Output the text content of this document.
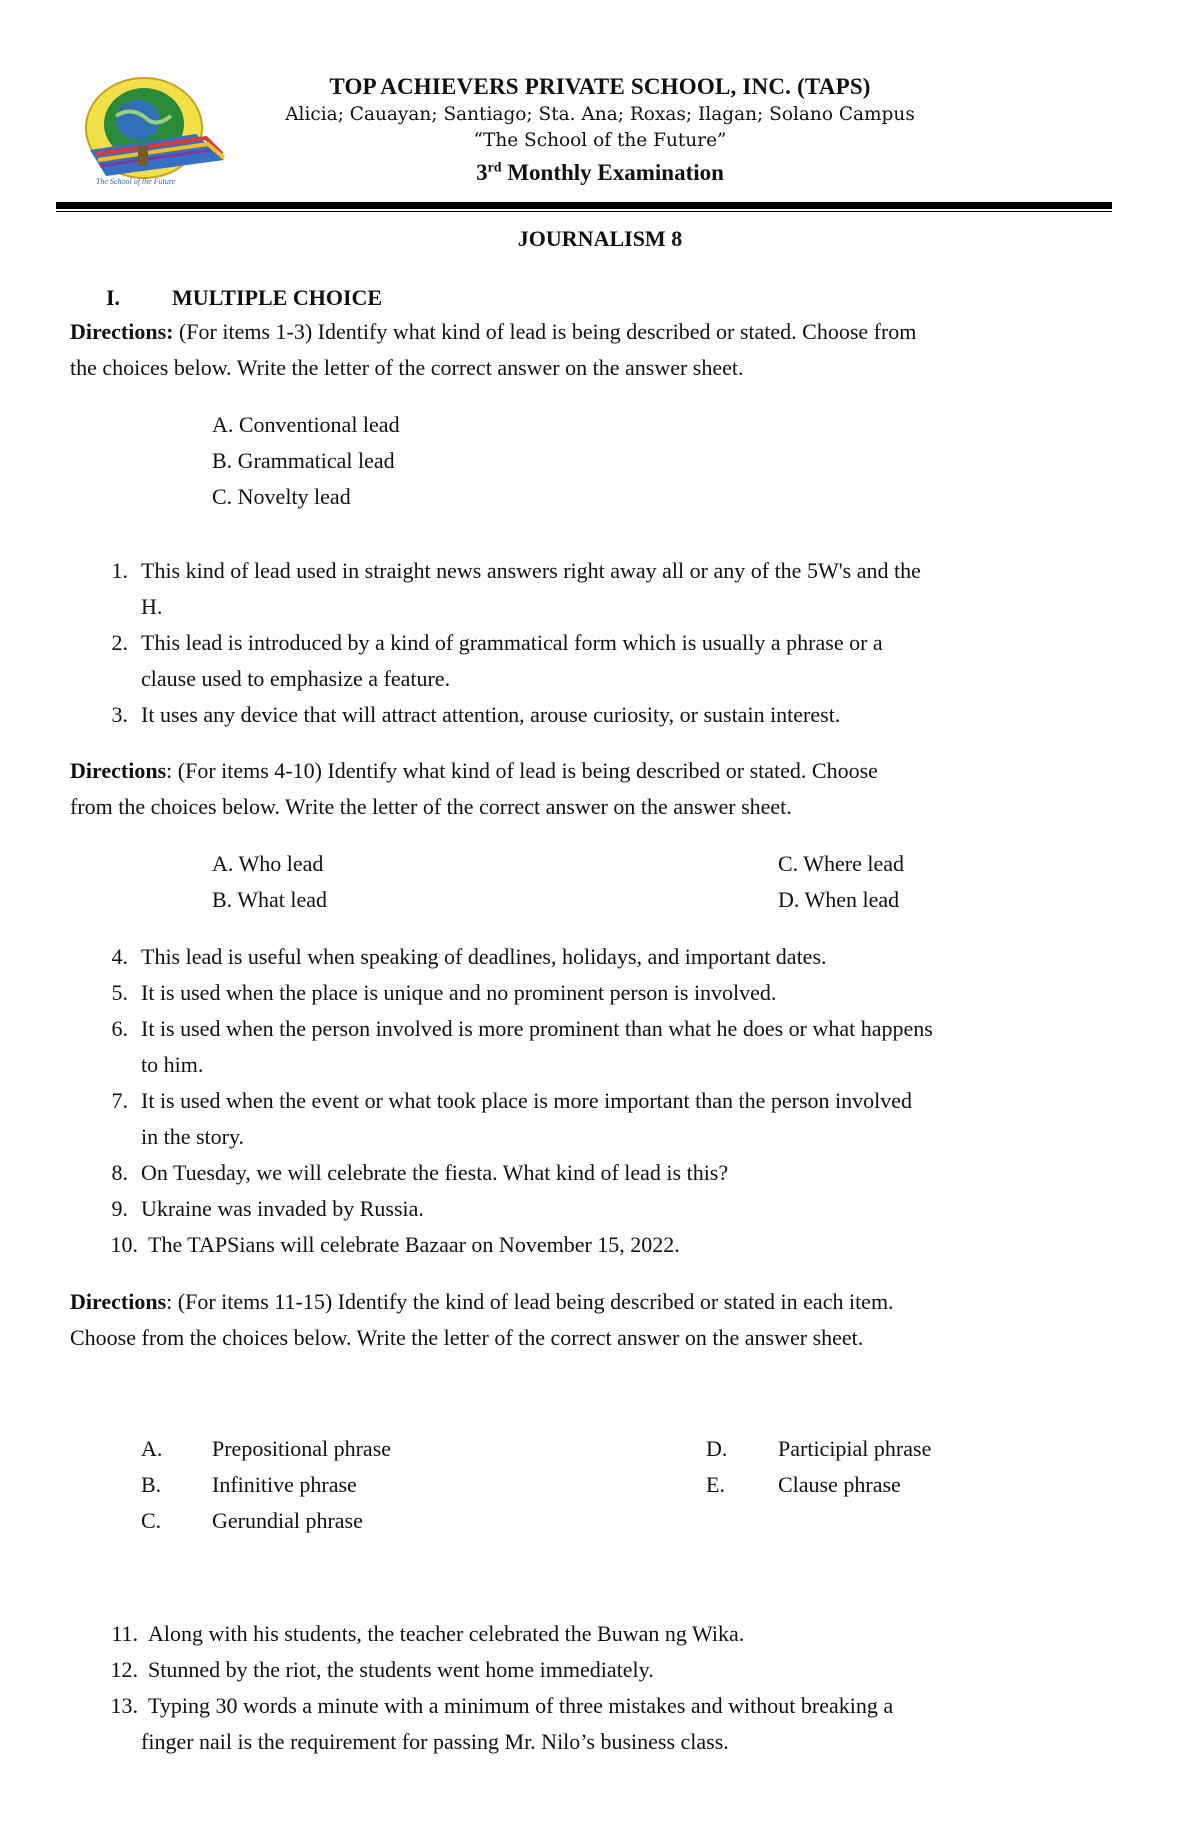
The School of the Future
TOP ACHIEVERS PRIVATE SCHOOL, INC. (TAPS)
Alicia; Cauayan; Santiago; Sta. Ana; Roxas; Ilagan; Solano Campus
“The School of the Future”
3rd Monthly Examination
JOURNALISM 8
I. MULTIPLE CHOICE
Directions: (For items 1-3) Identify what kind of lead is being described or stated. Choose from
the choices below. Write the letter of the correct answer on the answer sheet.
A. Conventional lead
B. Grammatical lead
C. Novelty lead
1. This kind of lead used in straight news answers right away all or any of the 5W's and the
H.
2. This lead is introduced by a kind of grammatical form which is usually a phrase or a
clause used to emphasize a feature.
3. It uses any device that will attract attention, arouse curiosity, or sustain interest.
Directions: (For items 4-10) Identify what kind of lead is being described or stated. Choose
from the choices below. Write the letter of the correct answer on the answer sheet.
A. Who lead
B. What lead
C. Where lead
D. When lead
4. This lead is useful when speaking of deadlines, holidays, and important dates.
5. It is used when the place is unique and no prominent person is involved.
6. It is used when the person involved is more prominent than what he does or what happens
to him.
7. It is used when the event or what took place is more important than the person involved
in the story.
8. On Tuesday, we will celebrate the fiesta. What kind of lead is this?
9. Ukraine was invaded by Russia.
10. The TAPSians will celebrate Bazaar on November 15, 2022.
Directions: (For items 11-15) Identify the kind of lead being described or stated in each item.
Choose from the choices below. Write the letter of the correct answer on the answer sheet.
A. Prepositional phrase
B. Infinitive phrase
C. Gerundial phrase
D. Participial phrase
E. Clause phrase
11. Along with his students, the teacher celebrated the Buwan ng Wika.
12. Stunned by the riot, the students went home immediately.
13. Typing 30 words a minute with a minimum of three mistakes and without breaking a
finger nail is the requirement for passing Mr. Nilo’s business class.
